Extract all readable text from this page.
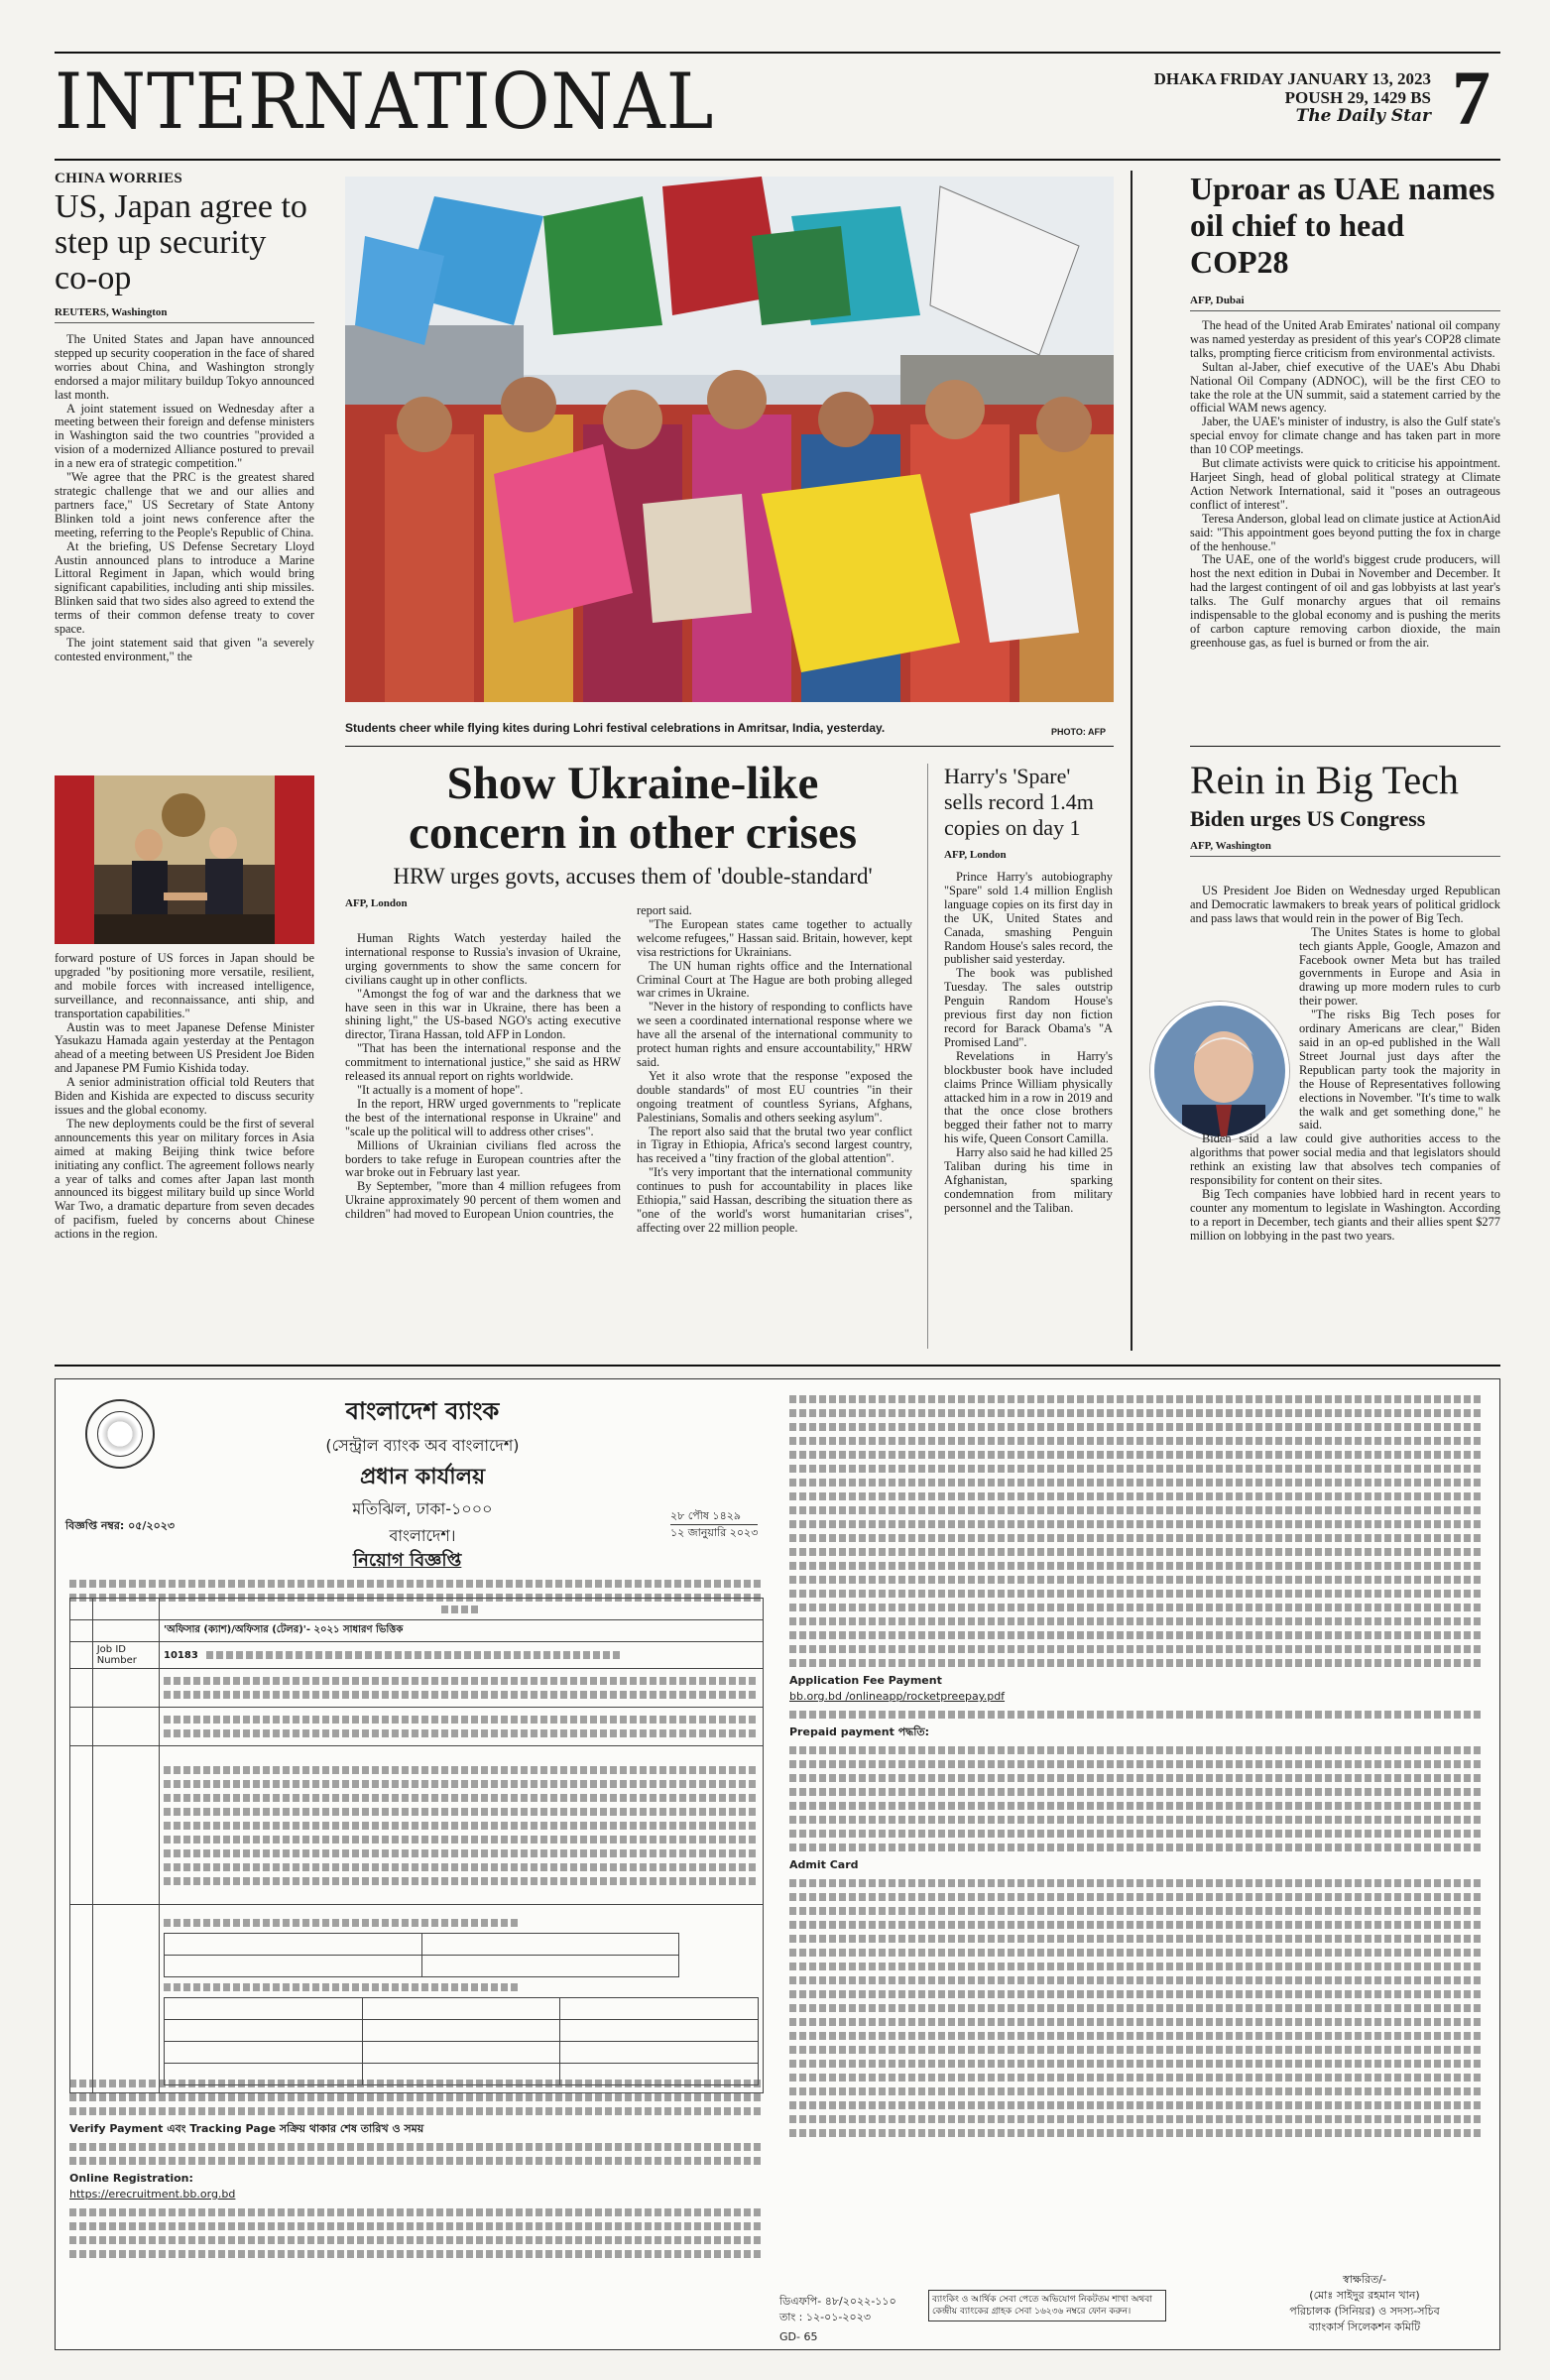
INTERNATIONAL	DHAKA FRIDAY JANUARY 13, 2023
POUSH 29, 1429 BS
The Daily Star 7
CHINA WORRIES
US, Japan agree to step up security co-op
REUTERS, Washington

The United States and Japan have announced stepped up security cooperation in the face of shared worries about China, and Washington strongly endorsed a major military buildup Tokyo announced last month.

A joint statement issued on Wednesday after a meeting between their foreign and defense ministers in Washington said the two countries "provided a vision of a modernized Alliance postured to prevail in a new era of strategic competition."

"We agree that the PRC is the greatest shared strategic challenge that we and our allies and partners face," US Secretary of State Antony Blinken told a joint news conference after the meeting, referring to the People's Republic of China.

At the briefing, US Defense Secretary Lloyd Austin announced plans to introduce a Marine Littoral Regiment in Japan, which would bring significant capabilities, including anti ship missiles. Blinken said that two sides also agreed to extend the terms of their common defense treaty to cover space.

The joint statement said that given "a severely contested environment," the

forward posture of US forces in Japan should be upgraded "by positioning more versatile, resilient, and mobile forces with increased intelligence, surveillance, and reconnaissance, anti ship, and transportation capabilities."

Austin was to meet Japanese Defense Minister Yasukazu Hamada again yesterday at the Pentagon ahead of a meeting between US President Joe Biden and Japanese PM Fumio Kishida today.

A senior administration official told Reuters that Biden and Kishida are expected to discuss security issues and the global economy.

The new deployments could be the first of several announcements this year on military forces in Asia aimed at making Beijing think twice before initiating any conflict. The agreement follows nearly a year of talks and comes after Japan last month announced its biggest military build up since World War Two, a dramatic departure from seven decades of pacifism, fueled by concerns about Chinese actions in the region.

Students cheer while flying kites during Lohri festival celebrations in Amritsar, India, yesterday.	PHOTO: AFP
Show Ukraine-like concern in other crises
HRW urges govts, accuses them of 'double-standard'
AFP, London

Human Rights Watch yesterday hailed the international response to Russia's invasion of Ukraine, urging governments to show the same concern for civilians caught up in other conflicts.

"Amongst the fog of war and the darkness that we have seen in this war in Ukraine, there has been a shining light," the US-based NGO's acting executive director, Tirana Hassan, told AFP in London.

"That has been the international response and the commitment to international justice," she said as HRW released its annual report on rights worldwide.

"It actually is a moment of hope".

In the report, HRW urged governments to "replicate the best of the international response in Ukraine" and "scale up the political will to address other crises".

Millions of Ukrainian civilians fled across the borders to take refuge in European countries after the war broke out in February last year.

By September, "more than 4 million refugees from Ukraine approximately 90 percent of them women and children" had moved to European Union countries, the

report said.

"The European states came together to actually welcome refugees," Hassan said. Britain, however, kept visa restrictions for Ukrainians.

The UN human rights office and the International Criminal Court at The Hague are both probing alleged war crimes in Ukraine.

"Never in the history of responding to conflicts have we seen a coordinated international response where we have all the arsenal of the international community to protect human rights and ensure accountability," HRW said.

Yet it also wrote that the response "exposed the double standards" of most EU countries "in their ongoing treatment of countless Syrians, Afghans, Palestinians, Somalis and others seeking asylum".

The report also said that the brutal two year conflict in Tigray in Ethiopia, Africa's second largest country, has received a "tiny fraction of the global attention".

"It's very important that the international community continues to push for accountability in places like Ethiopia," said Hassan, describing the situation there as "one of the world's worst humanitarian crises", affecting over 22 million people.

Harry's 'Spare' sells record 1.4m copies on day 1
AFP, London

Prince Harry's autobiography "Spare" sold 1.4 million English language copies on its first day in the UK, United States and Canada, smashing Penguin Random House's sales record, the publisher said yesterday.

The book was published Tuesday. The sales outstrip Penguin Random House's previous first day non fiction record for Barack Obama's "A Promised Land".

Revelations in Harry's blockbuster book have included claims Prince William physically attacked him in a row in 2019 and that the once close brothers begged their father not to marry his wife, Queen Consort Camilla.

Harry also said he had killed 25 Taliban during his time in Afghanistan, sparking condemnation from military personnel and the Taliban.

Uproar as UAE names oil chief to head COP28
AFP, Dubai

The head of the United Arab Emirates' national oil company was named yesterday as president of this year's COP28 climate talks, prompting fierce criticism from environmental activists.

Sultan al-Jaber, chief executive of the UAE's Abu Dhabi National Oil Company (ADNOC), will be the first CEO to take the role at the UN summit, said a statement carried by the official WAM news agency.

Jaber, the UAE's minister of industry, is also the Gulf state's special envoy for climate change and has taken part in more than 10 COP meetings.

But climate activists were quick to criticise his appointment. Harjeet Singh, head of global political strategy at Climate Action Network International, said it "poses an outrageous conflict of interest".

Teresa Anderson, global lead on climate justice at ActionAid said: "This appointment goes beyond putting the fox in charge of the henhouse."

The UAE, one of the world's biggest crude producers, will host the next edition in Dubai in November and December. It had the largest contingent of oil and gas lobbyists at last year's talks. The Gulf monarchy argues that oil remains indispensable to the global economy and is pushing the merits of carbon capture removing carbon dioxide, the main greenhouse gas, as fuel is burned or from the air.

Rein in Big Tech
Biden urges US Congress
AFP, Washington

US President Joe Biden on Wednesday urged Republican and Democratic lawmakers to break years of political gridlock and pass laws that would rein in the power of Big Tech.

The Unites States is home to global tech giants Apple, Google, Amazon and Facebook owner Meta but has trailed governments in Europe and Asia in drawing up more modern rules to curb their power.

"The risks Big Tech poses for ordinary Americans are clear," Biden said in an op-ed published in the Wall Street Journal just days after the Republican party took the majority in the House of Representatives following elections in November. "It's time to walk the walk and get something done," he said.

Biden said a law could give authorities access to the algorithms that power social media and that legislators should rethink an existing law that absolves tech companies of responsibility for content on their sites.

Big Tech companies have lobbied hard in recent years to counter any momentum to legislate in Washington. According to a report in December, tech giants and their allies spent $277 million on lobbying in the past two years.

বাংলাদেশ ব্যাংক
(সেন্ট্রাল ব্যাংক অব বাংলাদেশ)
প্রধান কার্যালয়
মতিঝিল, ঢাকা-১০০০
বাংলাদেশ।
বিজ্ঞপ্তি নম্বর: ০৫/২০২৩
২৮ পৌষ ১৪২৯
১২ জানুয়ারি ২০২৩
নিয়োগ বিজ্ঞপ্তি

		'অফিসার (ক্যাশ)/অফিসার (টেলর)'- ২০২১ সাধারণ ভিত্তিক
	Job ID Number	10183

Verify Payment এবং Tracking Page সক্রিয় থাকার শেষ তারিখ ও সময়
Online Registration:
https://erecruitment.bb.org.bd
ডিএফপি- ৪৮/২০২২-১১০
তাং : ১২-০১-২০২৩
GD- 65
ব্যাংকিং ও আর্থিক সেবা পেতে অভিযোগ নিকটতম শাখা অথবা কেন্দ্রীয় ব্যাংকের গ্রাহক সেবা ১৬২৩৬ নম্বরে ফোন করুন।
Application Fee Payment
bb.org.bd /onlineapp/rocketpreepay.pdf
Prepaid payment পদ্ধতি:
Admit Card
স্বাক্ষরিত/-
(মোঃ সাইদুর রহমান খান)
পরিচালক (সিনিয়র) ও সদস্য-সচিব
ব্যাংকার্স সিলেকশন কমিটি
